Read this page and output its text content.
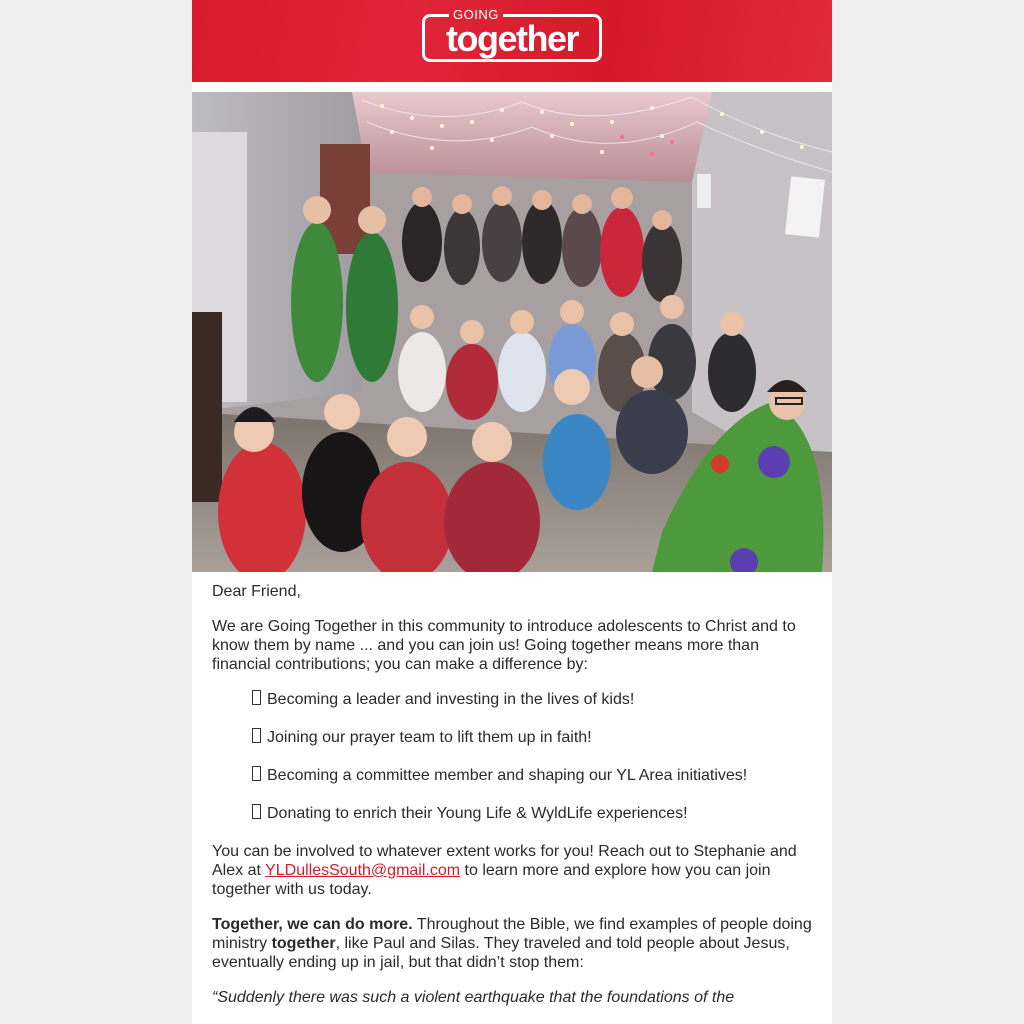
GOING
together

Dear Friend,

We are Going Together in this community to introduce adolescents to Christ and to know them by name ... and you can join us! Going together means more than financial contributions; you can make a difference by:

Becoming a leader and investing in the lives of kids!
Joining our prayer team to lift them up in faith!
Becoming a committee member and shaping our YL Area initiatives!
Donating to enrich their Young Life & WyldLife experiences!

You can be involved to whatever extent works for you! Reach out to Stephanie and Alex at YLDullesSouth@gmail.com to learn more and explore how you can join together with us today.

Together, we can do more. Throughout the Bible, we find examples of people doing ministry together, like Paul and Silas. They traveled and told people about Jesus, eventually ending up in jail, but that didn’t stop them:

“Suddenly there was such a violent earthquake that the foundations of the
